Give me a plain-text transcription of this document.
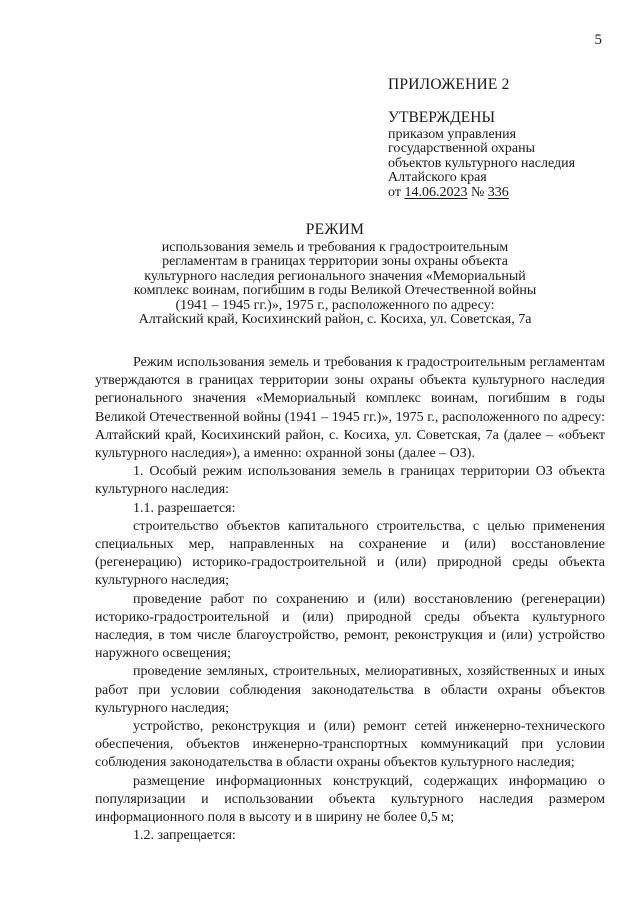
5
ПРИЛОЖЕНИЕ 2
УТВЕРЖДЕНЫ
приказом управления
государственной охраны
объектов культурного наследия
Алтайского края
от 14.06.2023 № 336
РЕЖИМ
использования земель и требования к градостроительным
регламентам в границах территории зоны охраны объекта
культурного наследия регионального значения «Мемориальный
комплекс воинам, погибшим в годы Великой Отечественной войны
(1941 – 1945 гг.)», 1975 г., расположенного по адресу:
Алтайский край, Косихинский район, с. Косиха, ул. Советская, 7а

Режим использования земель и требования к градостроительным регламентам утверждаются в границах территории зоны охраны объекта культурного наследия регионального значения «Мемориальный комплекс воинам, погибшим в годы Великой Отечественной войны (1941 – 1945 гг.)», 1975 г., расположенного по адресу: Алтайский край, Косихинский район, с. Косиха, ул. Советская, 7а (далее – «объект культурного наследия»), а именно: охранной зоны (далее – ОЗ).

1. Особый режим использования земель в границах территории ОЗ объекта культурного наследия:

1.1. разрешается:

строительство объектов капитального строительства, с целью применения специальных мер, направленных на сохранение и (или) восстановление (регенерацию) историко-градостроительной и (или) природной среды объекта культурного наследия;

проведение работ по сохранению и (или) восстановлению (регенерации) историко-градостроительной и (или) природной среды объекта культурного наследия, в том числе благоустройство, ремонт, реконструкция и (или) устройство наружного освещения;

проведение земляных, строительных, мелиоративных, хозяйственных и иных работ при условии соблюдения законодательства в области охраны объектов культурного наследия;

устройство, реконструкция и (или) ремонт сетей инженерно-технического обеспечения, объектов инженерно-транспортных коммуникаций при условии соблюдения законодательства в области охраны объектов культурного наследия;

размещение информационных конструкций, содержащих информацию о популяризации и использовании объекта культурного наследия размером информационного поля в высоту и в ширину не более 0,5 м;

1.2. запрещается:
